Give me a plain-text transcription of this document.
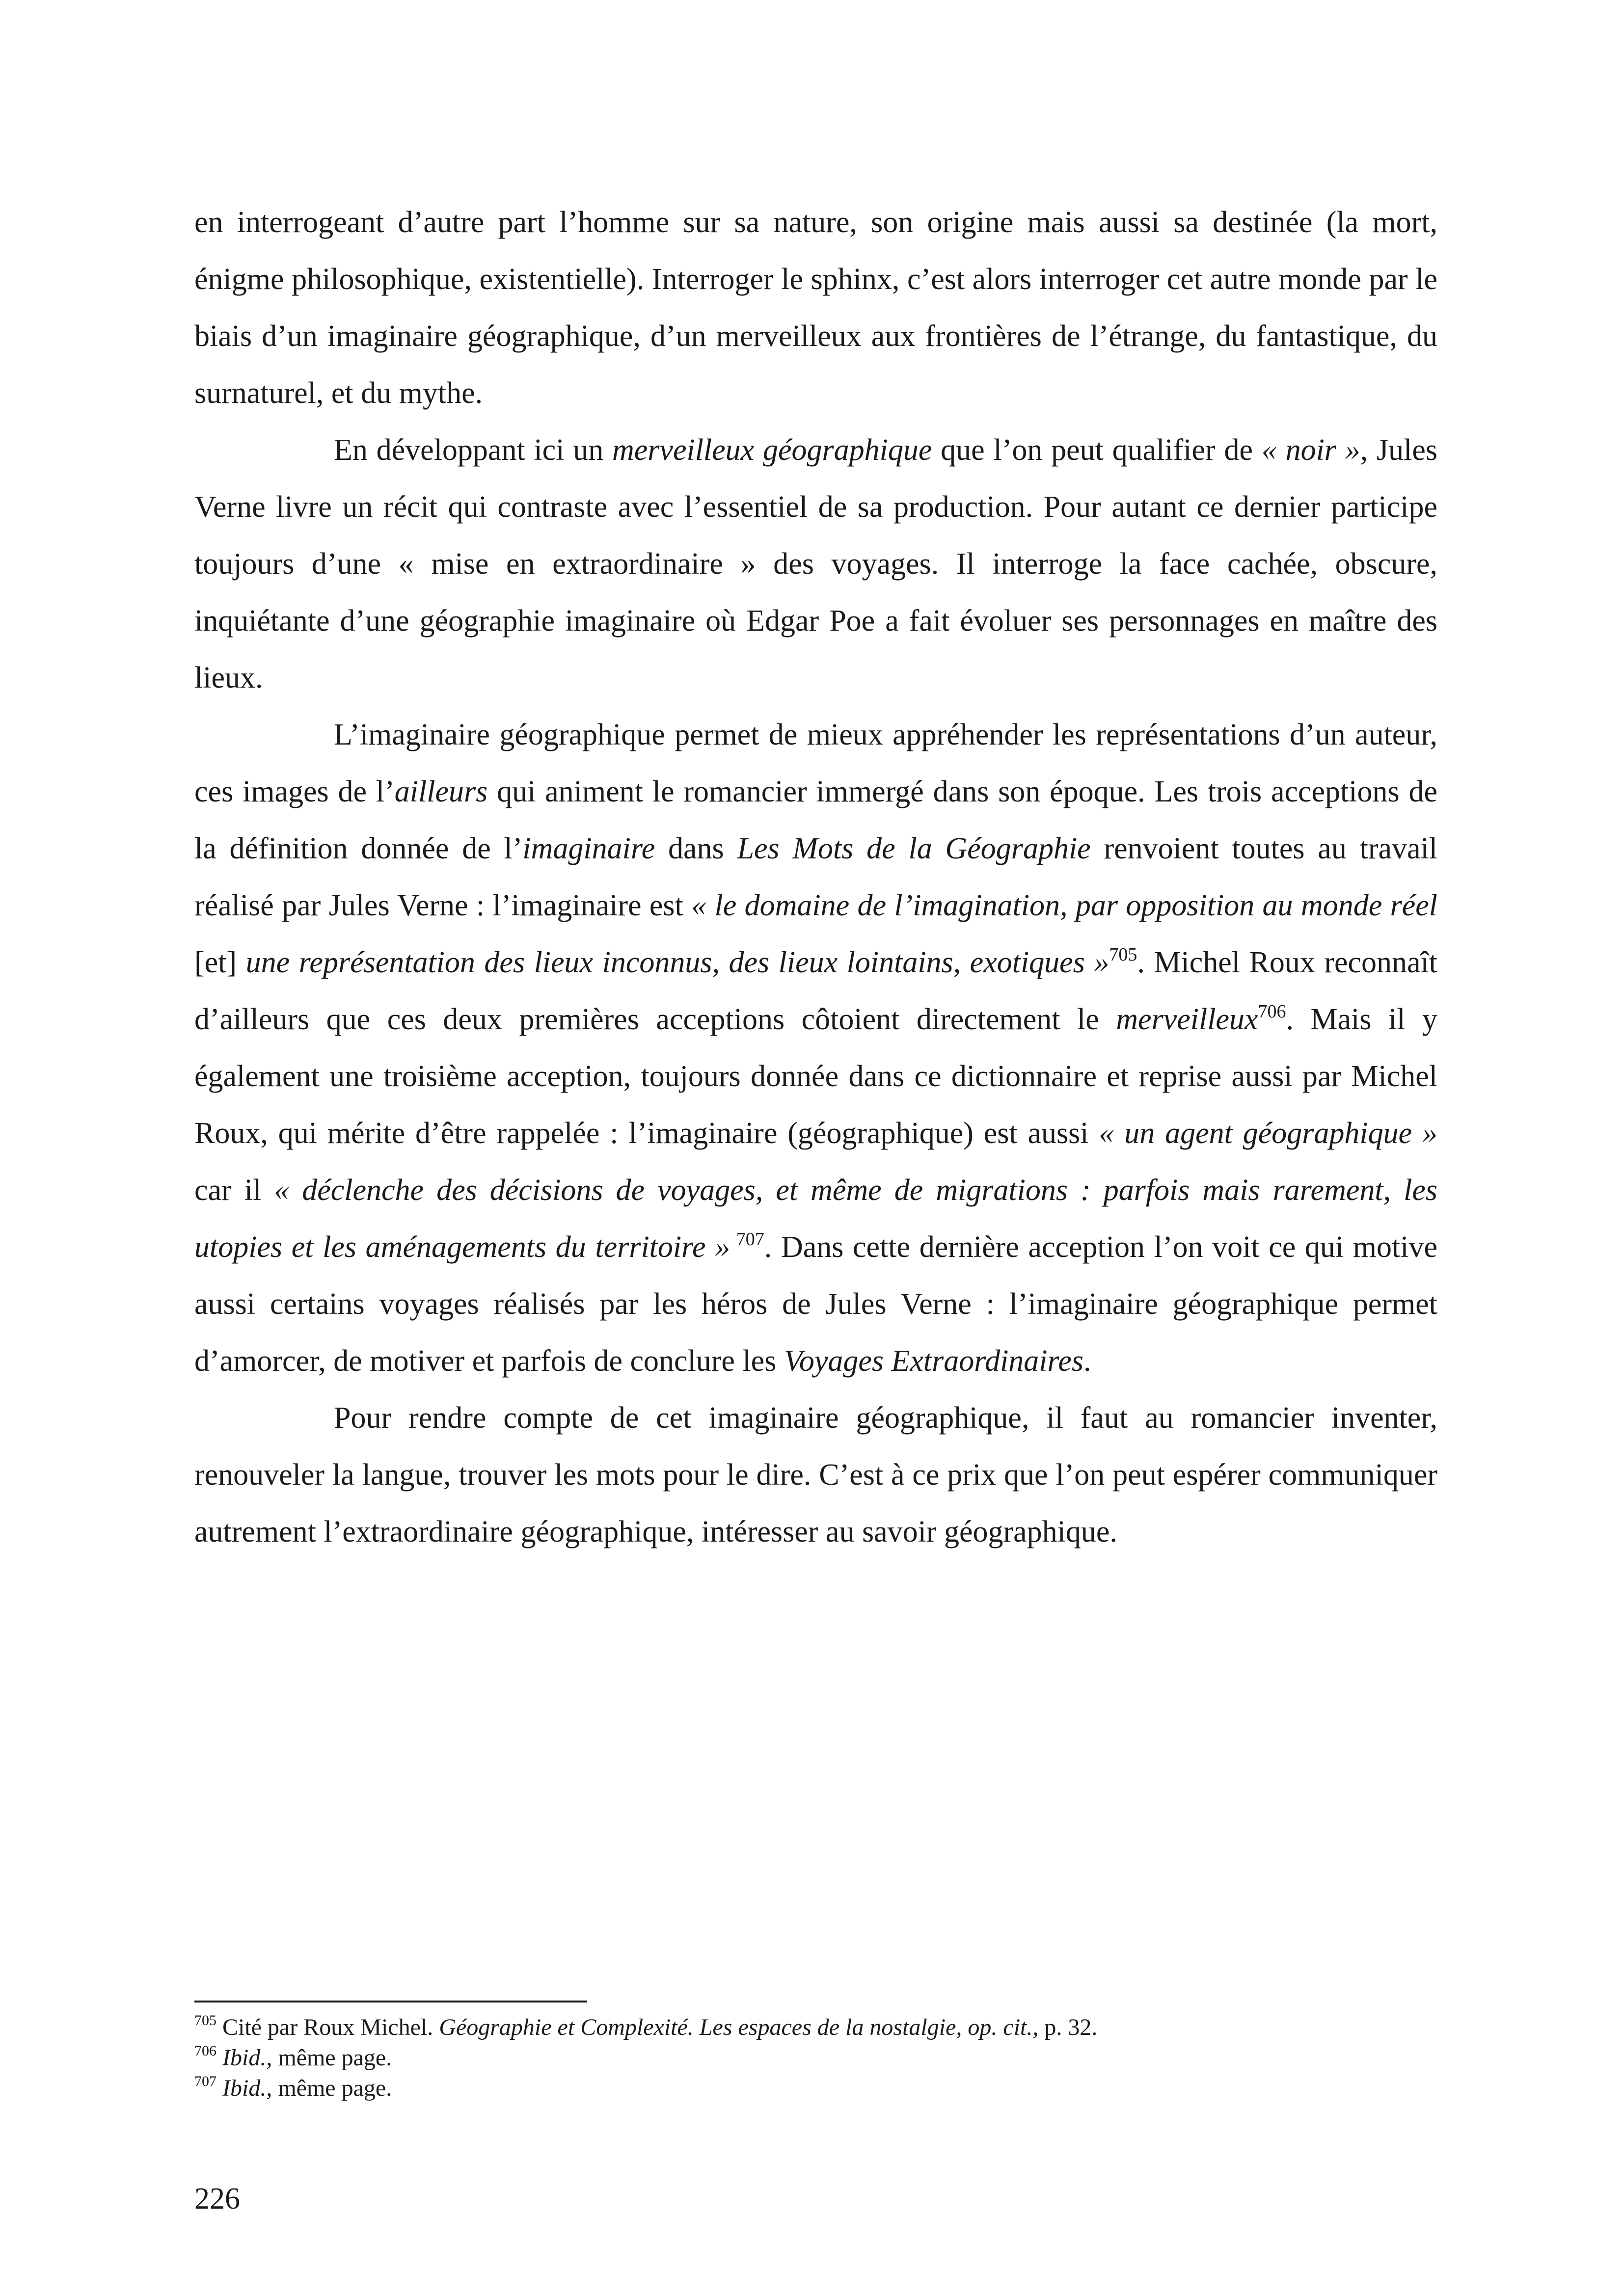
en interrogeant d’autre part l’homme sur sa nature, son origine mais aussi sa destinée (la mort, énigme philosophique, existentielle). Interroger le sphinx, c’est alors interroger cet autre monde par le biais d’un imaginaire géographique, d’un merveilleux aux frontières de l’étrange, du fantastique, du surnaturel, et du mythe.

En développant ici un merveilleux géographique que l’on peut qualifier de « noir », Jules Verne livre un récit qui contraste avec l’essentiel de sa production. Pour autant ce dernier participe toujours d’une « mise en extraordinaire » des voyages. Il interroge la face cachée, obscure, inquiétante d’une géographie imaginaire où Edgar Poe a fait évoluer ses personnages en maître des lieux.

L’imaginaire géographique permet de mieux appréhender les représentations d’un auteur, ces images de l’ailleurs qui animent le romancier immergé dans son époque. Les trois acceptions de la définition donnée de l’imaginaire dans Les Mots de la Géographie renvoient toutes au travail réalisé par Jules Verne : l’imaginaire est « le domaine de l’imagination, par opposition au monde réel [et] une représentation des lieux inconnus, des lieux lointains, exotiques »$^{705}$. Michel Roux reconnaît d’ailleurs que ces deux premières acceptions côtoient directement le merveilleux$^{706}$. Mais il y également une troisième acception, toujours donnée dans ce dictionnaire et reprise aussi par Michel Roux, qui mérite d’être rappelée : l’imaginaire (géographique) est aussi « un agent géographique » car il « déclenche des décisions de voyages, et même de migrations : parfois mais rarement, les utopies et les aménagements du territoire » $^{707}$. Dans cette dernière acception l’on voit ce qui motive aussi certains voyages réalisés par les héros de Jules Verne : l’imaginaire géographique permet d’amorcer, de motiver et parfois de conclure les Voyages Extraordinaires.

Pour rendre compte de cet imaginaire géographique, il faut au romancier inventer, renouveler la langue, trouver les mots pour le dire. C’est à ce prix que l’on peut espérer communiquer autrement l’extraordinaire géographique, intéresser au savoir géographique.

$^{705}$ Cité par Roux Michel. Géographie et Complexité. Les espaces de la nostalgie, op. cit., p. 32.
$^{706}$ Ibid., même page.
$^{707}$ Ibid., même page.
226
